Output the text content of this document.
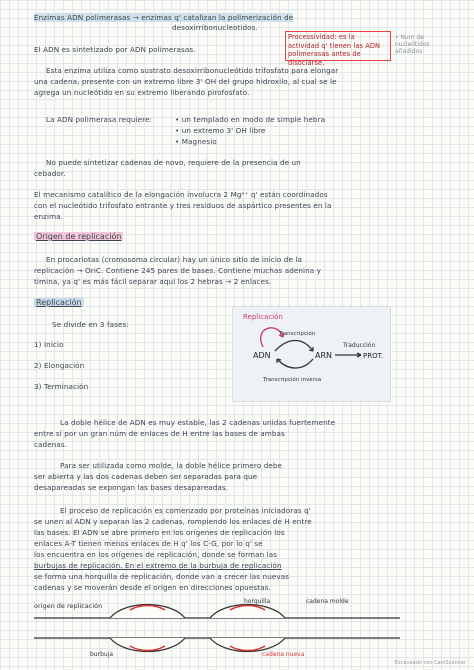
Enzimas ADN polimerasas → enzimas q' catalizan la polimerización de
desoxirribonucleotidos.
El ADN es sintetizado por ADN polimerasas.
Processividad: es la actividad q' tienen las ADN polimerasas antes de disociarse.
• Num de nucleótidos añadidos
Esta enzima utiliza como sustrato desoxirribonucleótido trifosfato para elongar
una cadena, presente con un extremo libre 3' OH del grupo hidroxilo, al cual se le
agrega un nucleótido en su extremo liberando pirofosfato.
La ADN polimerasa requiere:	• un templado en modo de simple hebra
• un extremo 3' OH libre
• Magnesio
No puede sintetizar cadenas de novo, requiere de la presencia de un
cebador.
El mecanismo catalítico de la elongación involucra 2 Mg²⁺ q' están coordinados
con el nucleótido trifosfato entrante y tres residuos de aspártico presentes en la
enzima.
Origen de replicación
En procariotas (cromosoma circular) hay un único sitio de inicio de la
replicación → OriC. Contiene 245 pares de bases. Contiene muchas adenina y
timina, ya q' es más fácil separar aquí los 2 hebras → 2 enlaces.
Replicación
Se divide en 3 fases:
1) Inicio
2) Elongación
3) Terminación
Replicación
Transcripción
Traducción
ADN	ARN	PROT.
Transcripción inversa
La doble hélice de ADN es muy estable, las 2 cadenas unidas fuertemente
entre sí por un gran núm de enlaces de H entre las bases de ambas
cadenas.
Para ser utilizada como molde, la doble hélice primero debe
ser abierta y las dos cadenas deben ser separadas para que
desapareadas se expongan las bases desapareadas.
El proceso de replicación es comenzado por proteínas iniciadoras q'
se unen al ADN y separan las 2 cadenas, rompiendo los enlaces de H entre
las bases. El ADN se abre primero en los orígenes de replicación los
enlaces A-T tienen menos enlaces de H q' los C-G, por lo q' se
los encuentra en los orígenes de replicación, donde se forman las
burbujas de replicación. En el extremo de la burbuja de replicación
se forma una horquilla de replicación, donde van a crecer las nuevas
cadenas y se moverán desde el origen en direcciones opuestas.
origen de replicación
horquilla	cadena molde
burbuja	cadena nueva
Escaneado con CamScanner
